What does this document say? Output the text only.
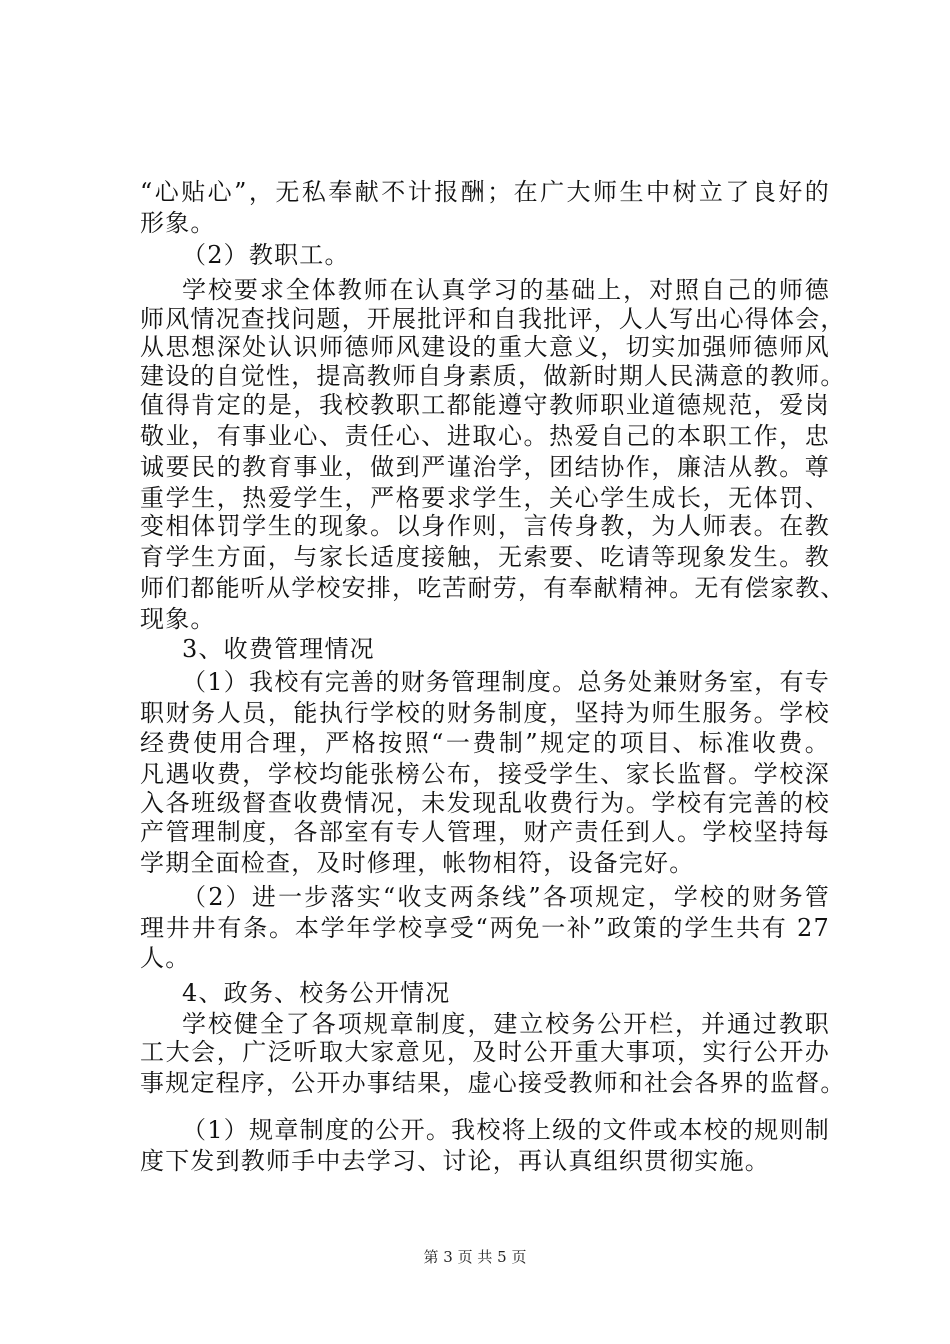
“心贴心”，无私奉献不计报酬；在广大师生中树立了良好的
形象。
（2）教职工。
学校要求全体教师在认真学习的基础上，对照自己的师德
师风情况查找问题，开展批评和自我批评，人人写出心得体会，
从思想深处认识师德师风建设的重大意义，切实加强师德师风
建设的自觉性，提高教师自身素质，做新时期人民满意的教师。
值得肯定的是，我校教职工都能遵守教师职业道德规范，爱岗
敬业，有事业心、责任心、进取心。热爱自己的本职工作，忠
诚要民的教育事业，做到严谨治学，团结协作，廉洁从教。尊
重学生，热爱学生，严格要求学生，关心学生成长，无体罚、
变相体罚学生的现象。以身作则，言传身教，为人师表。在教
育学生方面，与家长适度接触，无索要、吃请等现象发生。教
师们都能听从学校安排，吃苦耐劳，有奉献精神。无有偿家教、
现象。
3、收费管理情况
（1）我校有完善的财务管理制度。总务处兼财务室，有专
职财务人员，能执行学校的财务制度，坚持为师生服务。学校
经费使用合理，严格按照“一费制”规定的项目、标准收费。
凡遇收费，学校均能张榜公布，接受学生、家长监督。学校深
入各班级督查收费情况，未发现乱收费行为。学校有完善的校
产管理制度，各部室有专人管理，财产责任到人。学校坚持每
学期全面检查，及时修理，帐物相符，设备完好。
（2）进一步落实“收支两条线”各项规定，学校的财务管
理井井有条。本学年学校享受“两免一补”政策的学生共有 27
人。
4、政务、校务公开情况
学校健全了各项规章制度，建立校务公开栏，并通过教职
工大会，广泛听取大家意见，及时公开重大事项，实行公开办
事规定程序，公开办事结果，虚心接受教师和社会各界的监督。
（1）规章制度的公开。我校将上级的文件或本校的规则制
度下发到教师手中去学习、讨论，再认真组织贯彻实施。
第 3 页 共 5 页
